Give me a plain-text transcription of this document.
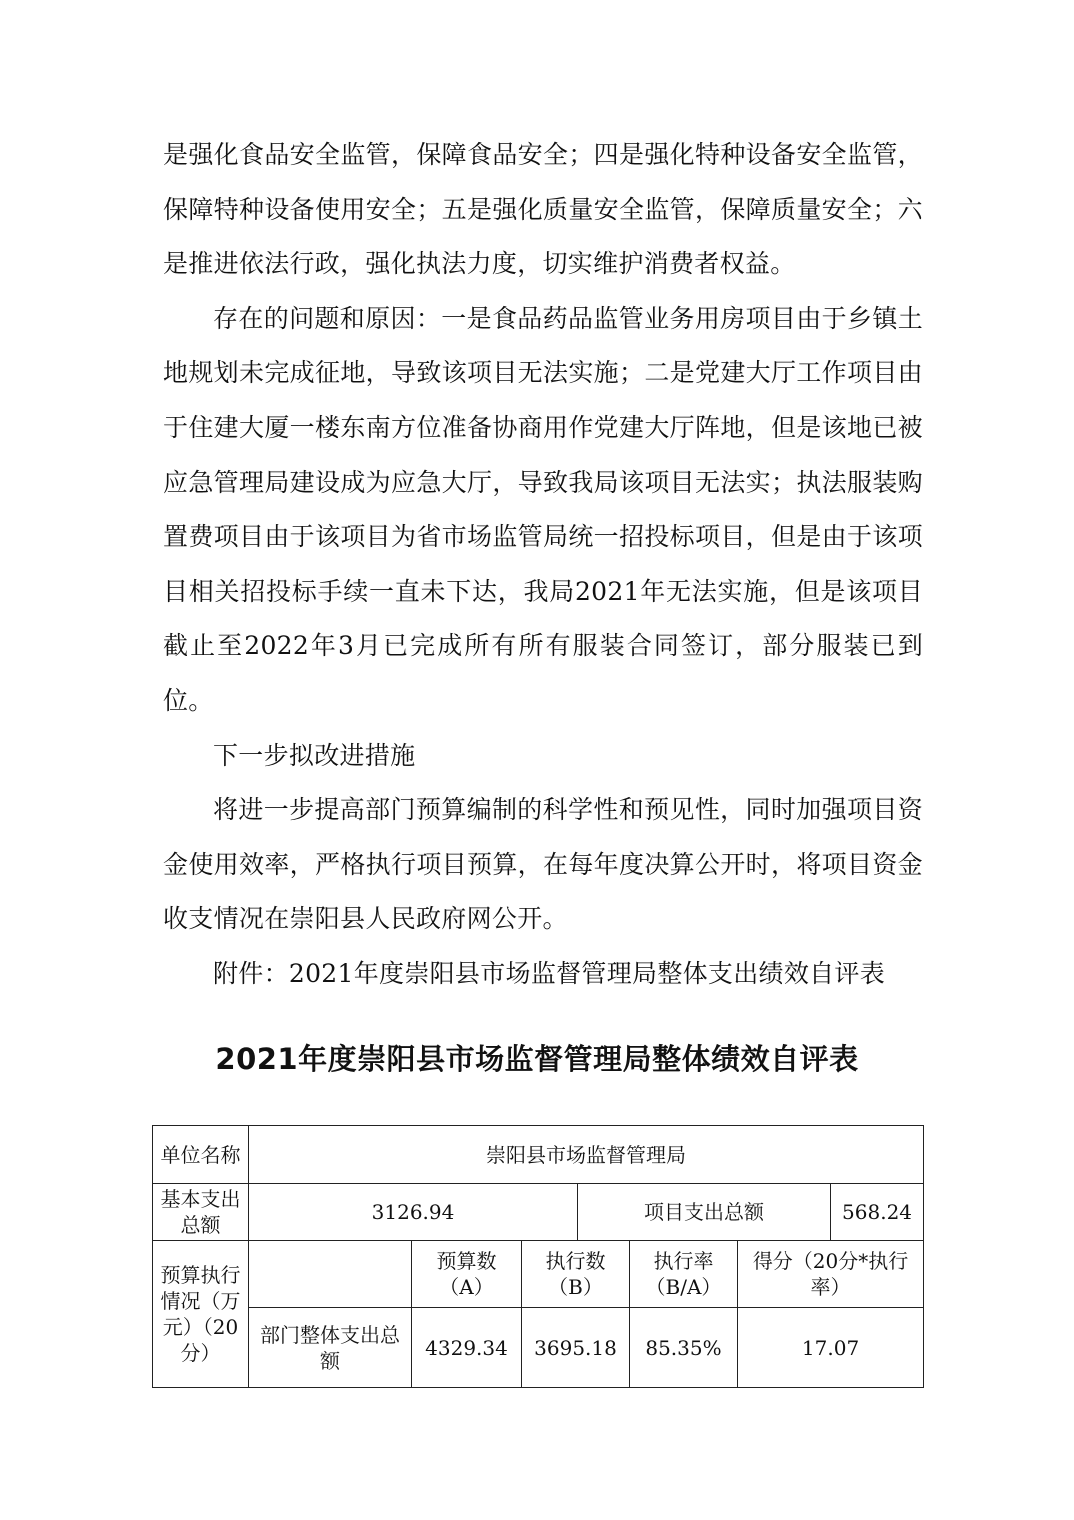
是强化食品安全监管，保障食品安全；四是强化特种设备安全监管，保障特种设备使用安全；五是强化质量安全监管，保障质量安全；六是推进依法行政，强化执法力度，切实维护消费者权益。

存在的问题和原因：一是食品药品监管业务用房项目由于乡镇土地规划未完成征地，导致该项目无法实施；二是党建大厅工作项目由于住建大厦一楼东南方位准备协商用作党建大厅阵地，但是该地已被应急管理局建设成为应急大厅，导致我局该项目无法实；执法服装购置费项目由于该项目为省市场监管局统一招投标项目，但是由于该项目相关招投标手续一直未下达，我局2021年无法实施，但是该项目截止至2022年3月已完成所有所有服装合同签订，部分服装已到位。

下一步拟改进措施

将进一步提高部门预算编制的科学性和预见性，同时加强项目资金使用效率，严格执行项目预算，在每年度决算公开时，将项目资金收支情况在崇阳县人民政府网公开。

附件：2021年度崇阳县市场监督管理局整体支出绩效自评表

2021年度崇阳县市场监督管理局整体绩效自评表
单位名称	崇阳县市场监督管理局						
基本支出总额	3126.94			项目支出总额			568.24
预算执行情况（万元）（20分）		预算数（A）	执行数（B）		执行率（B/A）	得分（20分*执行率）	
	部门整体支出总额	4329.34	3695.18		85.35%	17.07	
